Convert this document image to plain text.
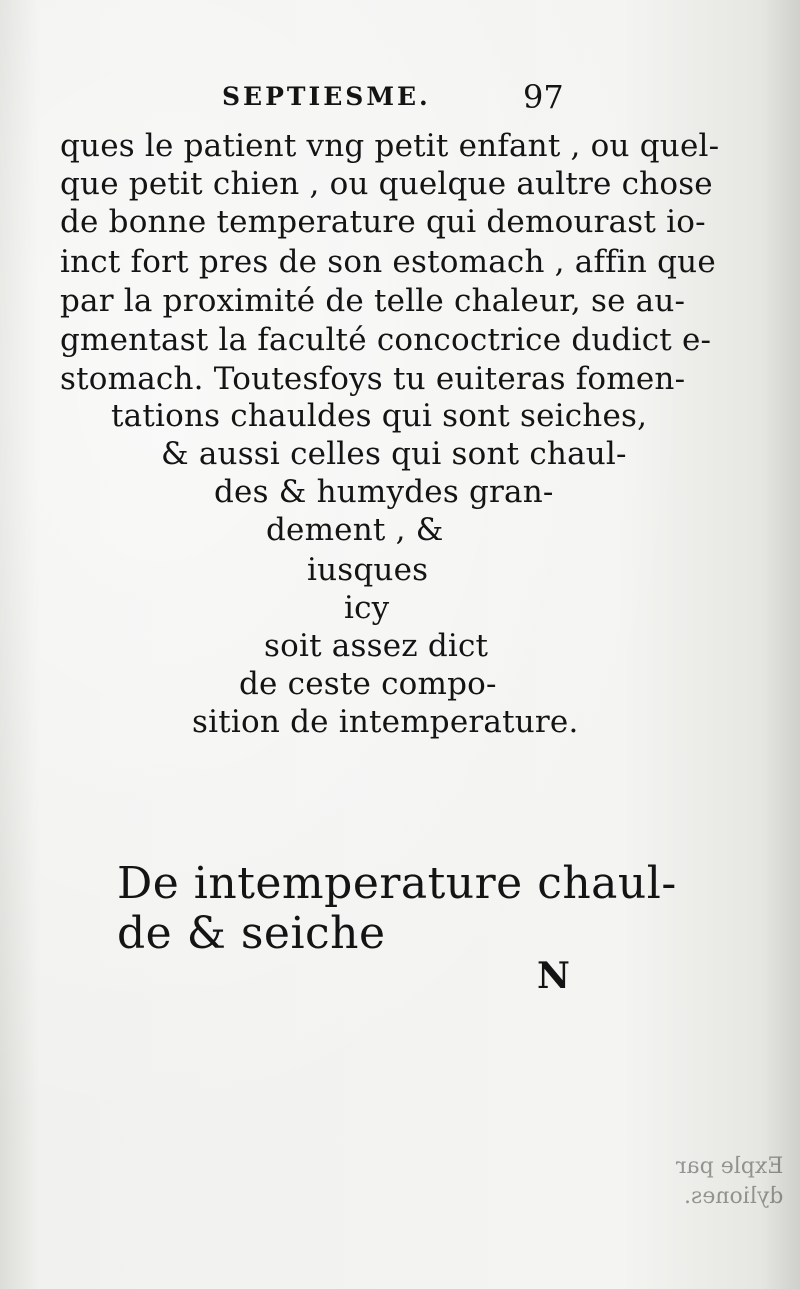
SEPTIESME.	97
ques le patient vng petit enfant , ou quel-
que petit chien , ou quelque aultre chose
de bonne temperature qui demourast io-
inct fort pres de son estomach , affin que
par la proximité de telle chaleur, se au-
gmentast la faculté concoctrice dudict e-
stomach. Toutesfoys tu euiteras fomen-
tations chauldes qui sont seiches,
& aussi celles qui sont chaul-
des & humydes gran-
dement , &
iusques
icy
soit assez dict
de ceste compo-
sition de intemperature.
De intemperature chaul-
de & seiche
N
Exple par
dyliones.
